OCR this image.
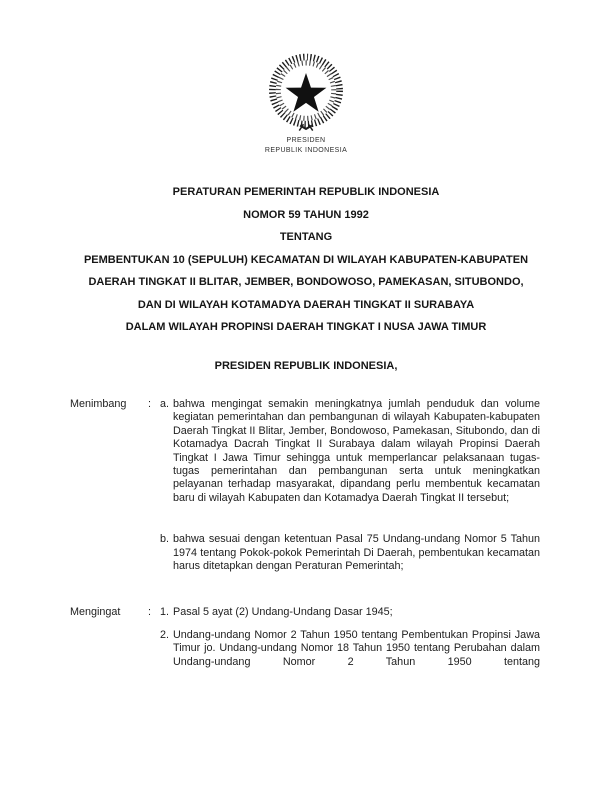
PRESIDEN
REPUBLIK INDONESIA
PERATURAN PEMERINTAH REPUBLIK INDONESIA
NOMOR 59 TAHUN 1992
TENTANG
PEMBENTUKAN 10 (SEPULUH) KECAMATAN DI WILAYAH KABUPATEN-KABUPATEN
DAERAH TINGKAT II BLITAR, JEMBER, BONDOWOSO, PAMEKASAN, SITUBONDO,
DAN DI WILAYAH KOTAMADYA DAERAH TINGKAT II SURABAYA
DALAM WILAYAH PROPINSI DAERAH TINGKAT I NUSA JAWA TIMUR
PRESIDEN REPUBLIK INDONESIA,
Menimbang	: a. bahwa mengingat semakin meningkatnya jumlah penduduk dan volume kegiatan pemerintahan dan pembangunan di wilayah Kabupaten-kabupaten Daerah Tingkat II Blitar, Jember, Bondowoso, Pamekasan, Situbondo, dan di Kotamadya Dacrah Tingkat II Surabaya dalam wilayah Propinsi Daerah Tingkat I Jawa Timur sehingga untuk memperlancar pelaksanaan tugas-tugas pemerintahan dan pembangunan serta untuk meningkatkan pelayanan terhadap masyarakat, dipandang perlu membentuk kecamatan baru di wilayah Kabupaten dan Kotamadya Daerah Tingkat II tersebut;
b. bahwa sesuai dengan ketentuan Pasal 75 Undang-undang Nomor 5 Tahun 1974 tentang Pokok-pokok Pemerintah Di Daerah, pembentukan kecamatan harus ditetapkan dengan Peraturan Pemerintah;
Mengingat	: 1. Pasal 5 ayat (2) Undang-Undang Dasar 1945;
2. Undang-undang Nomor 2 Tahun 1950 tentang Pembentukan Propinsi Jawa Timur jo. Undang-undang Nomor 18 Tahun 1950 tentang Perubahan dalam Undang-undang Nomor 2 Tahun 1950 tentang
